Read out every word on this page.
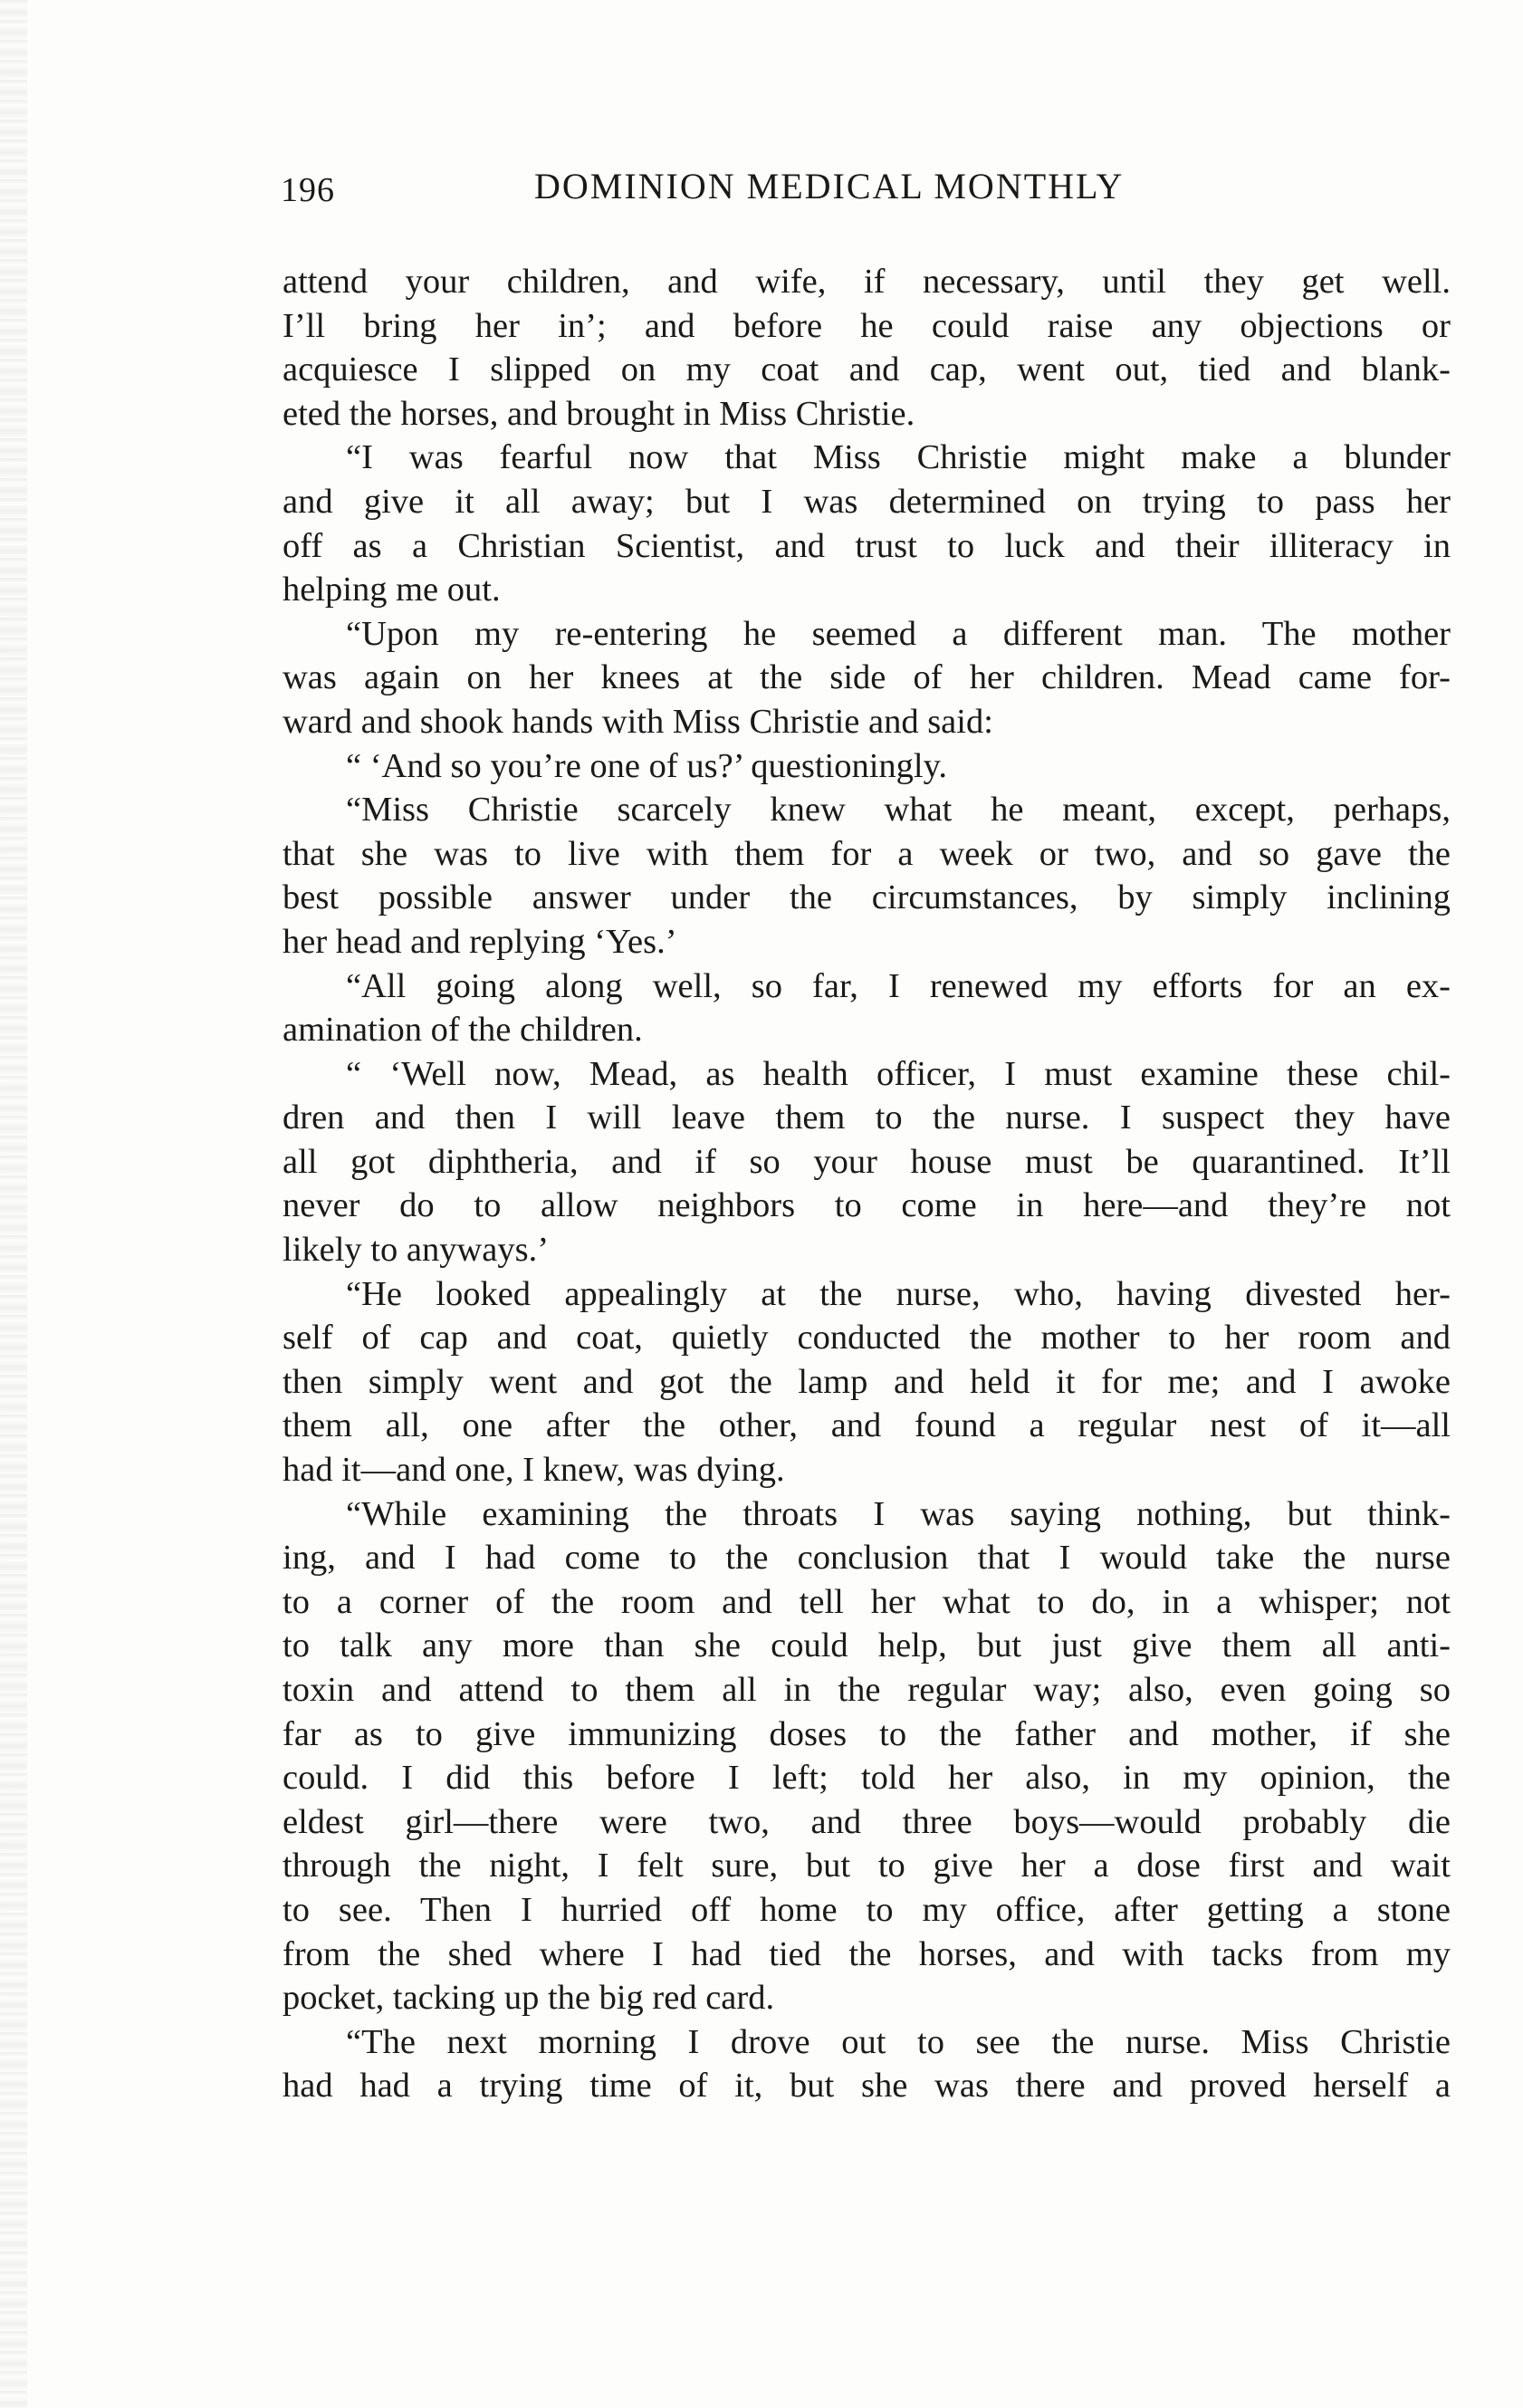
196	DOMINION MEDICAL MONTHLY
attend your children, and wife, if necessary, until they get well.
I’ll bring her in’; and before he could raise any objections or
acquiesce I slipped on my coat and cap, went out, tied and blank-
eted the horses, and brought in Miss Christie.
“I was fearful now that Miss Christie might make a blunder
and give it all away; but I was determined on trying to pass her
off as a Christian Scientist, and trust to luck and their illiteracy in
helping me out.
“Upon my re-entering he seemed a different man. The mother
was again on her knees at the side of her children. Mead came for-
ward and shook hands with Miss Christie and said:
“ ‘And so you’re one of us?’ questioningly.
“Miss Christie scarcely knew what he meant, except, perhaps,
that she was to live with them for a week or two, and so gave the
best possible answer under the circumstances, by simply inclining
her head and replying ‘Yes.’
“All going along well, so far, I renewed my efforts for an ex-
amination of the children.
“ ‘Well now, Mead, as health officer, I must examine these chil-
dren and then I will leave them to the nurse. I suspect they have
all got diphtheria, and if so your house must be quarantined. It’ll
never do to allow neighbors to come in here—and they’re not
likely to anyways.’
“He looked appealingly at the nurse, who, having divested her-
self of cap and coat, quietly conducted the mother to her room and
then simply went and got the lamp and held it for me; and I awoke
them all, one after the other, and found a regular nest of it—all
had it—and one, I knew, was dying.
“While examining the throats I was saying nothing, but think-
ing, and I had come to the conclusion that I would take the nurse
to a corner of the room and tell her what to do, in a whisper; not
to talk any more than she could help, but just give them all anti-
toxin and attend to them all in the regular way; also, even going so
far as to give immunizing doses to the father and mother, if she
could. I did this before I left; told her also, in my opinion, the
eldest girl—there were two, and three boys—would probably die
through the night, I felt sure, but to give her a dose first and wait
to see. Then I hurried off home to my office, after getting a stone
from the shed where I had tied the horses, and with tacks from my
pocket, tacking up the big red card.
“The next morning I drove out to see the nurse. Miss Christie
had had a trying time of it, but she was there and proved herself a
